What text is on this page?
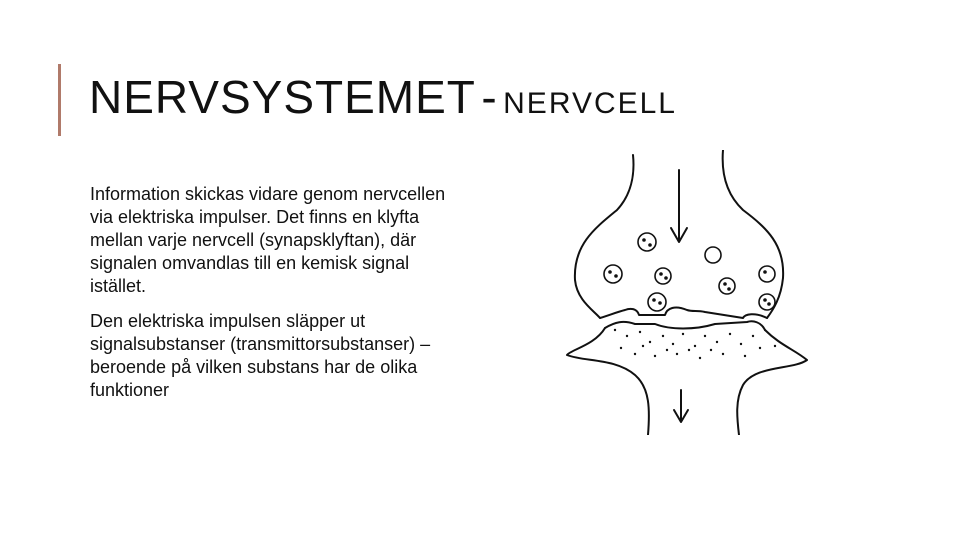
NERVSYSTEMET - NERVCELL

Information skickas vidare genom nervcellen via elektriska impulser. Det finns en klyfta mellan varje nervcell (synapsklyftan), där signalen omvandlas till en kemisk signal istället.

Den elektriska impulsen släpper ut signalsubstanser (transmittorsubstanser) – beroende på vilken substans har de olika funktioner
